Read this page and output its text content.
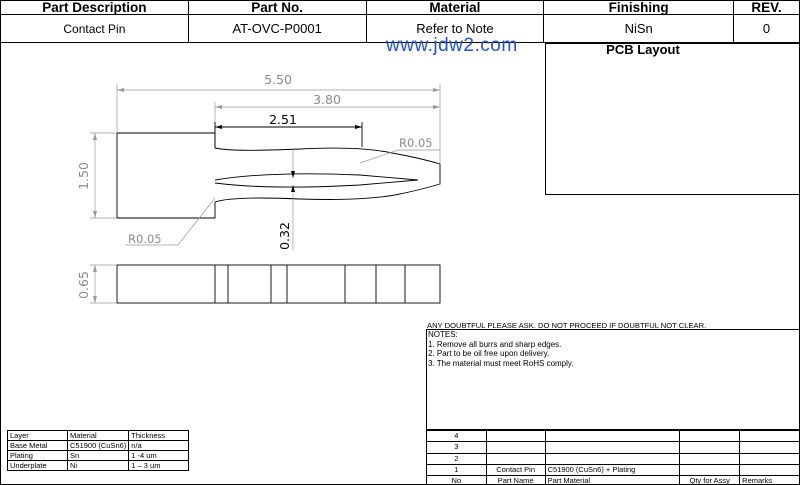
Part Description	Part No.	Material	Finishing	REV.
Contact Pin	AT-OVC-P0001	Refer to Note	NiSn	0
www.jdw2.com	PCB Layout
5.50
3.80
2.51
R0.05
R0.05
1.50
0.65
0.32
ANY DOUBTFUL PLEASE ASK. DO NOT PROCEED IF DOUBTFUL NOT CLEAR.
NOTES:
1. Remove all burrs and sharp edges.
2. Part to be oil free upon delivery.
3. The material must meet RoHS comply.
Layer	Material	Thickness
Base Metal	C51900 (CuSn6)	n/a
Plating	Sn	1 -4 um
Underplate	Ni	1 – 3 um
4				
3				
2				
1	Contact Pin	C51900 (CuSn6) + Plating		
No	Part Name	Part Material	Qty for Assy	Remarks
